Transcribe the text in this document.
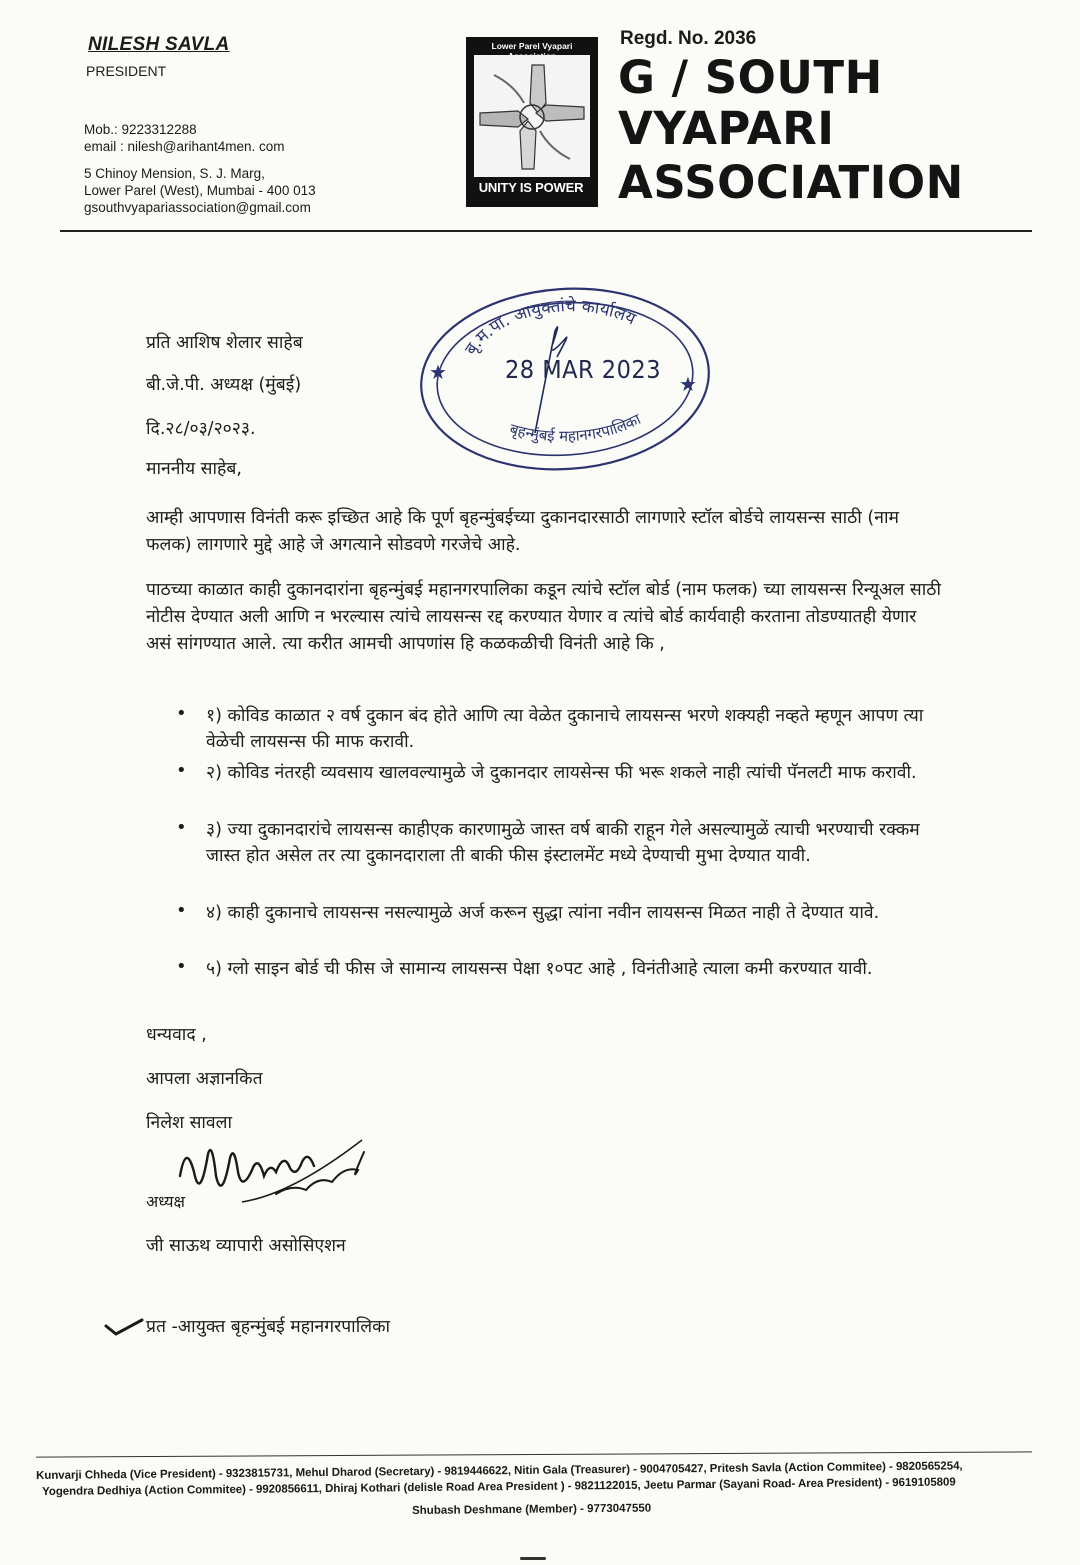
NILESH SAVLA
PRESIDENT
Mob.: 9223312288
email : nilesh@arihant4men. com
5 Chinoy Mension, S. J. Marg,
Lower Parel (West), Mumbai - 400 013
gsouthvyapariassociation@gmail.com
Lower Parel Vyapari
UNITY IS POWER
Regd. No. 2036
G / SOUTH
VYAPARI
ASSOCIATION
बृ.म.पा. आयुक्तांचे कार्यालय
बृहन्मुंबई महानगरपालिका
★	★
28 MAR 2023
प्रति आशिष शेलार साहेब
बी.जे.पी. अध्यक्ष (मुंबई)
दि.२८/०३/२०२३.
माननीय साहेब,
आम्ही आपणास विनंती करू इच्छित आहे कि पूर्ण बृहन्मुंबईच्या दुकानदारसाठी लागणारे स्टॉल बोर्डचे लायसन्स साठी (नाम फलक) लागणारे मुद्दे आहे जे अगत्याने सोडवणे गरजेचे आहे.
पाठच्या काळात काही दुकानदारांना बृहन्मुंबई महानगरपालिका कडून त्यांचे स्टॉल बोर्ड (नाम फलक) च्या लायसन्स रिन्यूअल साठी नोटीस देण्यात अली आणि न भरल्यास त्यांचे लायसन्स रद्द करण्यात येणार व त्यांचे बोर्ड कार्यवाही करताना तोडण्यातही येणार असं सांगण्यात आले. त्या करीत आमची आपणांस हि कळकळीची विनंती आहे कि ,
• १) कोविड काळात २ वर्ष दुकान बंद होते आणि त्या वेळेत दुकानाचे लायसन्स भरणे शक्यही नव्हते म्हणून आपण त्या वेळेची लायसन्स फी माफ करावी.
• २) कोविड नंतरही व्यवसाय खालवल्यामुळे जे दुकानदार लायसेन्स फी भरू शकले नाही त्यांची पॅनलटी माफ करावी.
• ३) ज्या दुकानदारांचे लायसन्स काहीएक कारणामुळे जास्त वर्ष बाकी राहून गेले असल्यामुळें त्याची भरण्याची रक्कम जास्त होत असेल तर त्या दुकानदाराला ती बाकी फीस इंस्टालमेंट मध्ये देण्याची मुभा देण्यात यावी.
• ४) काही दुकानाचे लायसन्स नसल्यामुळे अर्ज करून सुद्धा त्यांना नवीन लायसन्स मिळत नाही ते देण्यात यावे.
• ५) ग्लो साइन बोर्ड ची फीस जे सामान्य लायसन्स पेक्षा १०पट आहे , विनंतीआहे त्याला कमी करण्यात यावी.
धन्यवाद ,
आपला अज्ञानकित
निलेश सावला
अध्यक्ष
जी साऊथ व्यापारी असोसिएशन
प्रत -आयुक्त बृहन्मुंबई महानगरपालिका
Kunvarji Chheda (Vice President) - 9323815731, Mehul Dharod (Secretary) - 9819446622, Nitin Gala (Treasurer) - 9004705427, Pritesh Savla (Action Commitee) - 9820565254,
Yogendra Dedhiya (Action Commitee) - 9920856611, Dhiraj Kothari (delisle Road Area President ) - 9821122015, Jeetu Parmar (Sayani Road- Area President) - 9619105809
Shubash Deshmane (Member) - 9773047550
